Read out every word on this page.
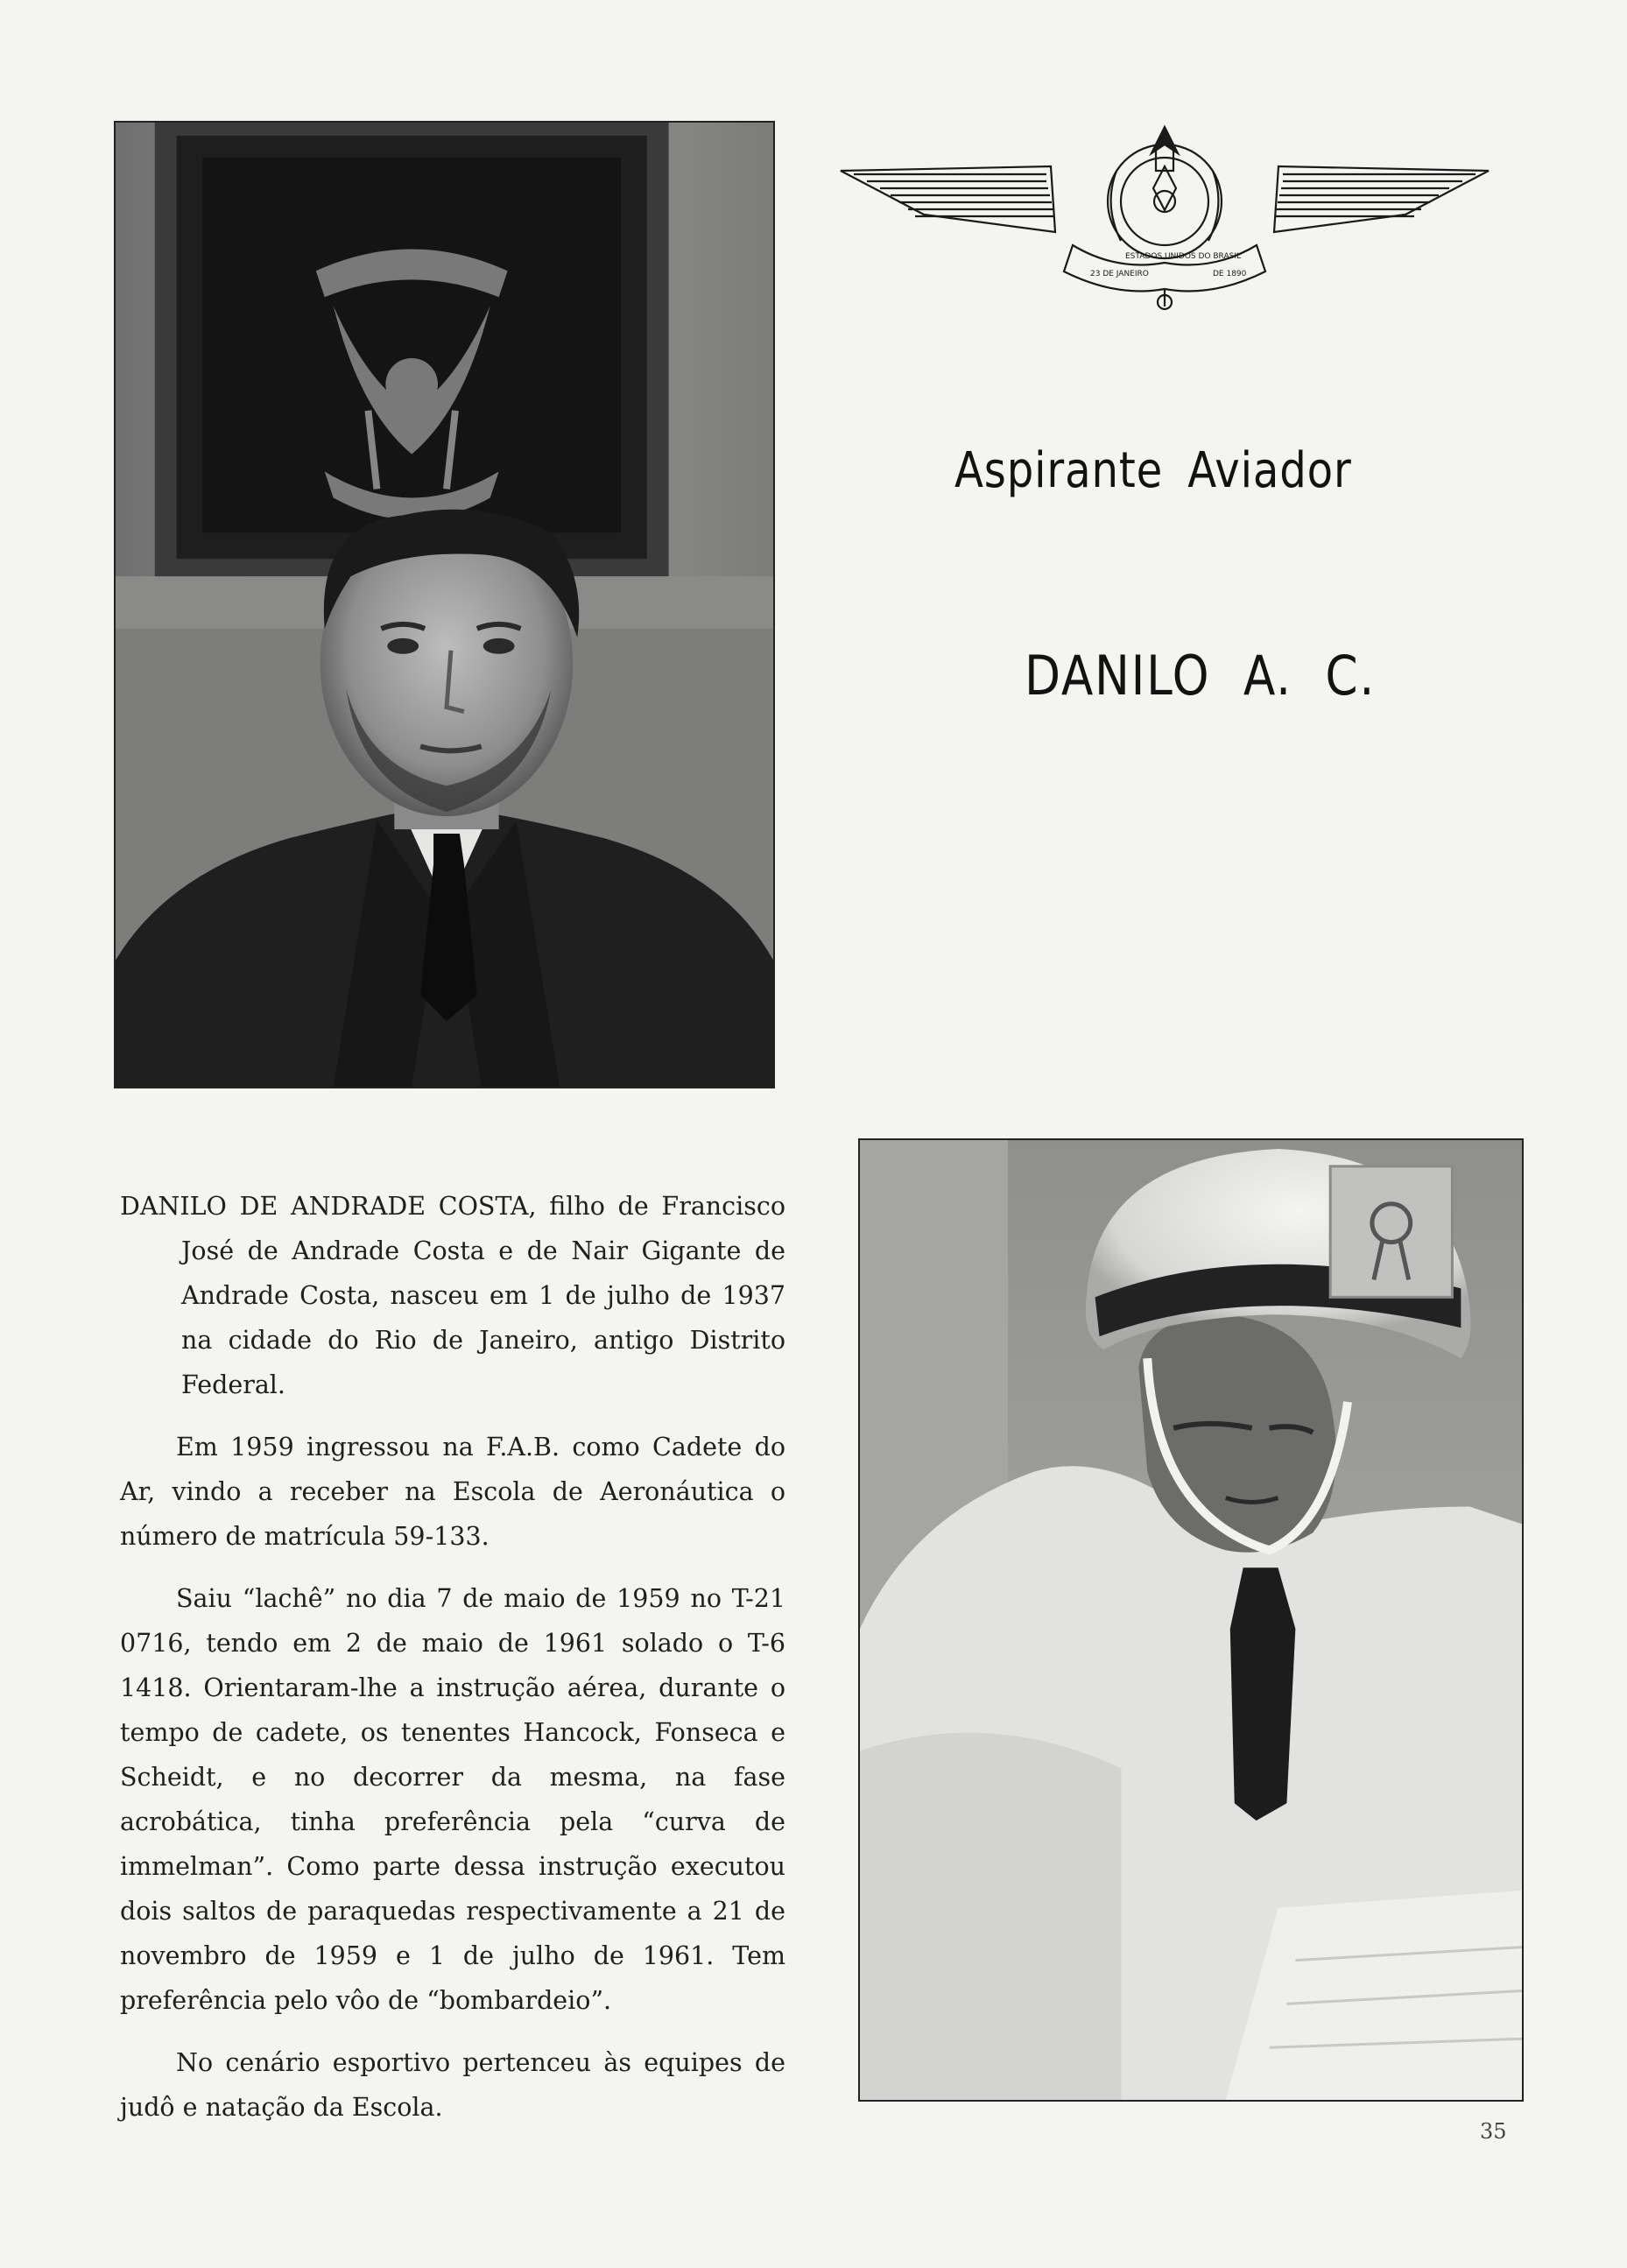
23 DE JANEIRO
ESTADOS UNIDOS DO BRASIL
DE 1890
Aspirante Aviador
DANILO A. C.

DANILO DE ANDRADE COSTA, filho de Francisco José de Andrade Costa e de Nair Gigante de Andrade Costa, nasceu em 1 de julho de 1937 na cidade do Rio de Janeiro, antigo Distrito Federal.

Em 1959 ingressou na F.A.B. como Cadete do Ar, vindo a receber na Escola de Aeronáutica o número de matrícula 59-133.

Saiu “lachê” no dia 7 de maio de 1959 no T-21 0716, tendo em 2 de maio de 1961 solado o T-6 1418. Orientaram-lhe a instrução aérea, durante o tempo de cadete, os tenentes Hancock, Fonseca e Scheidt, e no decorrer da mesma, na fase acrobática, tinha preferência pela “curva de immelman”. Como parte dessa instrução executou dois saltos de paraquedas respectivamente a 21 de novembro de 1959 e 1 de julho de 1961. Tem preferência pelo vôo de “bombardeio”.

No cenário esportivo pertenceu às equipes de judô e natação da Escola.

35
